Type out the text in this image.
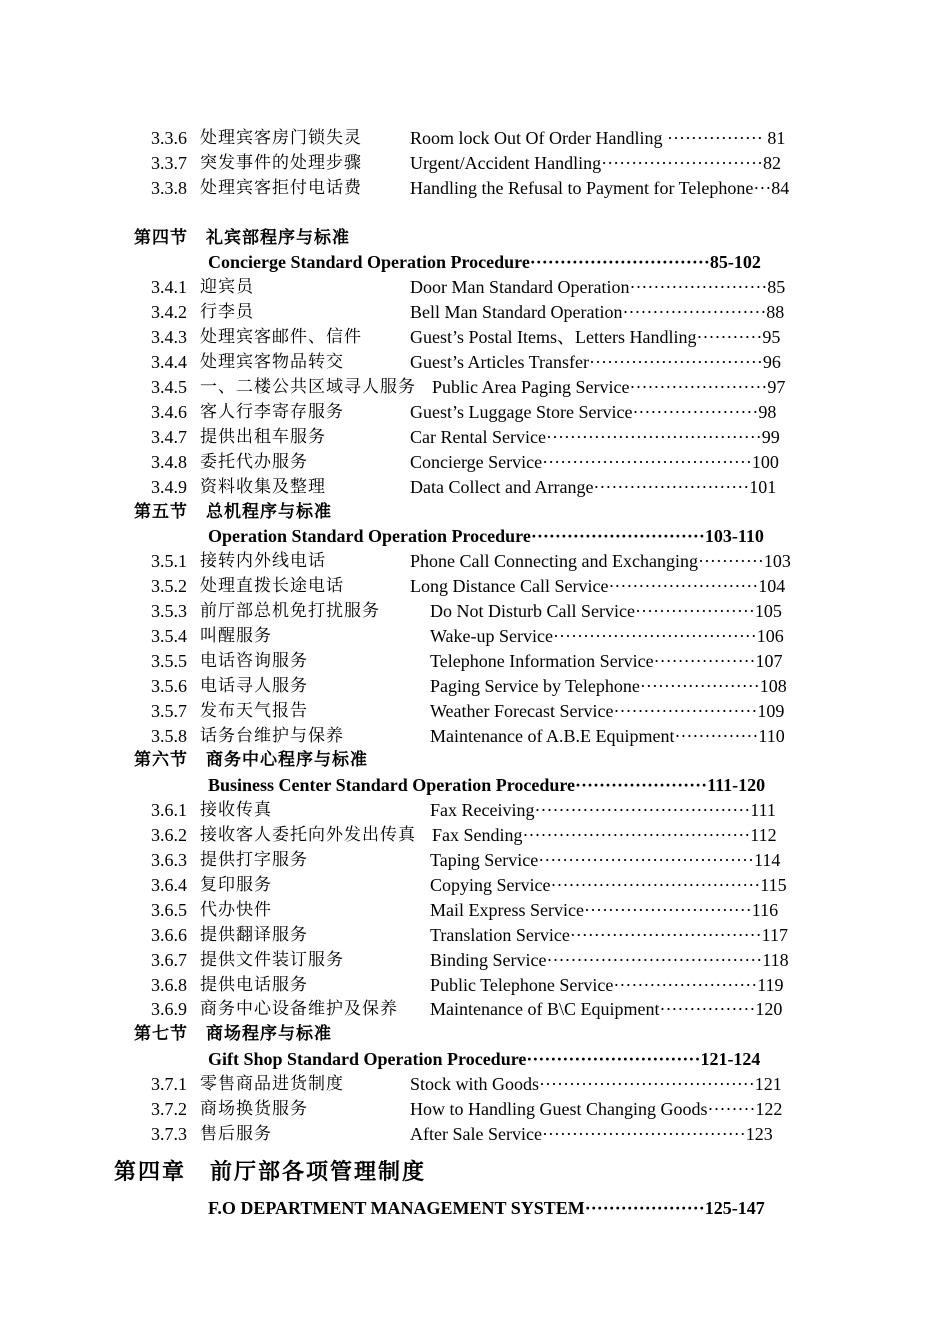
3.3.6 处理宾客房门锁失灵	Room lock Out Of Order Handling ················ 81
3.3.7 突发事件的处理步骤	Urgent/Accident Handling···························82
3.3.8 处理宾客拒付电话费	Handling the Refusal to Payment for Telephone···84
第四节　礼宾部程序与标准
Concierge Standard Operation Procedure······························85-102
3.4.1 迎宾员	Door Man Standard Operation·······················85
3.4.2 行李员	Bell Man Standard Operation························88
3.4.3 处理宾客邮件、信件	Guest’s Postal Items、Letters Handling···········95
3.4.4 处理宾客物品转交	Guest’s Articles Transfer·····························96
3.4.5 一、二楼公共区域寻人服务 Public Area Paging Service·······················97
3.4.6 客人行李寄存服务	Guest’s Luggage Store Service·····················98
3.4.7 提供出租车服务	Car Rental Service····································99
3.4.8 委托代办服务	Concierge Service···································100
3.4.9 资料收集及整理	Data Collect and Arrange··························101
第五节　总机程序与标准
Operation Standard Operation Procedure·····························103-110
3.5.1 接转内外线电话	Phone Call Connecting and Exchanging···········103
3.5.2 处理直拨长途电话	Long Distance Call Service·························104
3.5.3 前厅部总机免打扰服务	Do Not Disturb Call Service····················105
3.5.4 叫醒服务	Wake-up Service··································106
3.5.5 电话咨询服务	Telephone Information Service·················107
3.5.6 电话寻人服务	Paging Service by Telephone····················108
3.5.7 发布天气报告	Weather Forecast Service························109
3.5.8 话务台维护与保养	Maintenance of A.B.E Equipment··············110
第六节　商务中心程序与标准
Business Center Standard Operation Procedure······················111-120
3.6.1 接收传真	Fax Receiving····································111
3.6.2 接收客人委托向外发出传真 Fax Sending······································112
3.6.3 提供打字服务	Taping Service····································114
3.6.4 复印服务	Copying Service···································115
3.6.5 代办快件	Mail Express Service····························116
3.6.6 提供翻译服务	Translation Service································117
3.6.7 提供文件装订服务	Binding Service····································118
3.6.8 提供电话服务	Public Telephone Service························119
3.6.9 商务中心设备维护及保养 Maintenance of B\C Equipment················120
第七节　商场程序与标准
Gift Shop Standard Operation Procedure·····························121-124
3.7.1 零售商品进货制度	Stock with Goods····································121
3.7.2 商场换货服务	How to Handling Guest Changing Goods········122
3.7.3 售后服务	After Sale Service··································123
第四章　前厅部各项管理制度
F.O DEPARTMENT MANAGEMENT SYSTEM····················125-147
